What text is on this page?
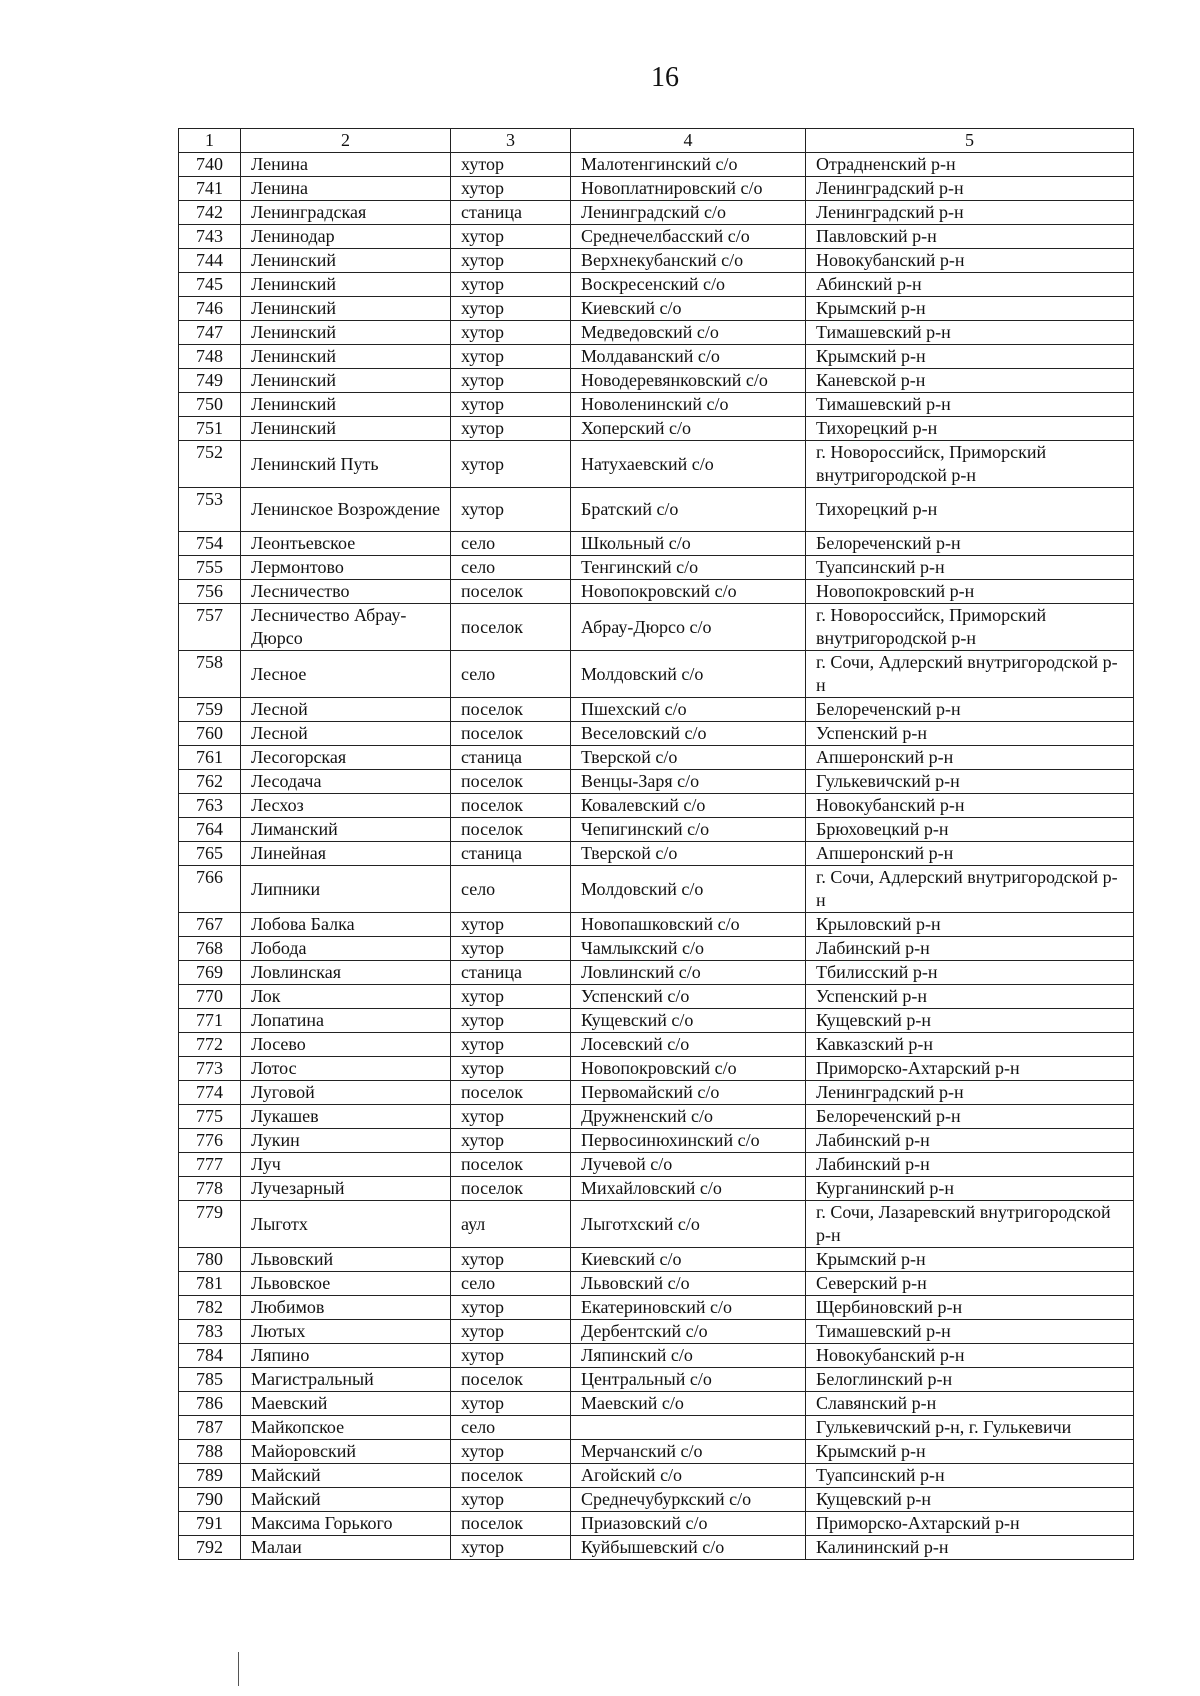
16
1	2	3	4	5
740	Ленина	хутор	Малотенгинский с/о	Отрадненский р-н
741	Ленина	хутор	Новоплатнировский с/о	Ленинградский р-н
742	Ленинградская	станица	Ленинградский с/о	Ленинградский р-н
743	Ленинодар	хутор	Среднечелбасский с/о	Павловский р-н
744	Ленинский	хутор	Верхнекубанский с/о	Новокубанский р-н
745	Ленинский	хутор	Воскресенский с/о	Абинский р-н
746	Ленинский	хутор	Киевский с/о	Крымский р-н
747	Ленинский	хутор	Медведовский с/о	Тимашевский р-н
748	Ленинский	хутор	Молдаванский с/о	Крымский р-н
749	Ленинский	хутор	Новодеревянковский с/о	Каневской р-н
750	Ленинский	хутор	Новоленинский с/о	Тимашевский р-н
751	Ленинский	хутор	Хоперский с/о	Тихорецкий р-н
752	Ленинский Путь	хутор	Натухаевский с/о	г. Новороссийск, Приморский внутригородской р-н
753	Ленинское Возрождение	хутор	Братский с/о	Тихорецкий р-н
754	Леонтьевское	село	Школьный с/о	Белореченский р-н
755	Лермонтово	село	Тенгинский с/о	Туапсинский р-н
756	Лесничество	поселок	Новопокровский с/о	Новопокровский р-н
757	Лесничество Абрау-Дюрсо	поселок	Абрау-Дюрсо с/о	г. Новороссийск, Приморский внутригородской р-н
758	Лесное	село	Молдовский с/о	г. Сочи, Адлерский внутригородской р-н
759	Лесной	поселок	Пшехский с/о	Белореченский р-н
760	Лесной	поселок	Веселовский с/о	Успенский р-н
761	Лесогорская	станица	Тверской с/о	Апшеронский р-н
762	Лесодача	поселок	Венцы-Заря с/о	Гулькевичский р-н
763	Лесхоз	поселок	Ковалевский с/о	Новокубанский р-н
764	Лиманский	поселок	Чепигинский с/о	Брюховецкий р-н
765	Линейная	станица	Тверской с/о	Апшеронский р-н
766	Липники	село	Молдовский с/о	г. Сочи, Адлерский внутригородской р-н
767	Лобова Балка	хутор	Новопашковский с/о	Крыловский р-н
768	Лобода	хутор	Чамлыкский с/о	Лабинский р-н
769	Ловлинская	станица	Ловлинский с/о	Тбилисский р-н
770	Лок	хутор	Успенский с/о	Успенский р-н
771	Лопатина	хутор	Кущевский с/о	Кущевский р-н
772	Лосево	хутор	Лосевский с/о	Кавказский р-н
773	Лотос	хутор	Новопокровский с/о	Приморско-Ахтарский р-н
774	Луговой	поселок	Первомайский с/о	Ленинградский р-н
775	Лукашев	хутор	Дружненский с/о	Белореченский р-н
776	Лукин	хутор	Первосинюхинский с/о	Лабинский р-н
777	Луч	поселок	Лучевой с/о	Лабинский р-н
778	Лучезарный	поселок	Михайловский с/о	Курганинский р-н
779	Лыготх	аул	Лыготхский с/о	г. Сочи, Лазаревский внутригородской р-н
780	Львовский	хутор	Киевский с/о	Крымский р-н
781	Львовское	село	Львовский с/о	Северский р-н
782	Любимов	хутор	Екатериновский с/о	Щербиновский р-н
783	Лютых	хутор	Дербентский с/о	Тимашевский р-н
784	Ляпино	хутор	Ляпинский с/о	Новокубанский р-н
785	Магистральный	поселок	Центральный с/о	Белоглинский р-н
786	Маевский	хутор	Маевский с/о	Славянский р-н
787	Майкопское	село		Гулькевичский р-н, г. Гулькевичи
788	Майоровский	хутор	Мерчанский с/о	Крымский р-н
789	Майский	поселок	Агойский с/о	Туапсинский р-н
790	Майский	хутор	Среднечубуркский с/о	Кущевский р-н
791	Максима Горького	поселок	Приазовский с/о	Приморско-Ахтарский р-н
792	Малаи	хутор	Куйбышевский с/о	Калининский р-н
